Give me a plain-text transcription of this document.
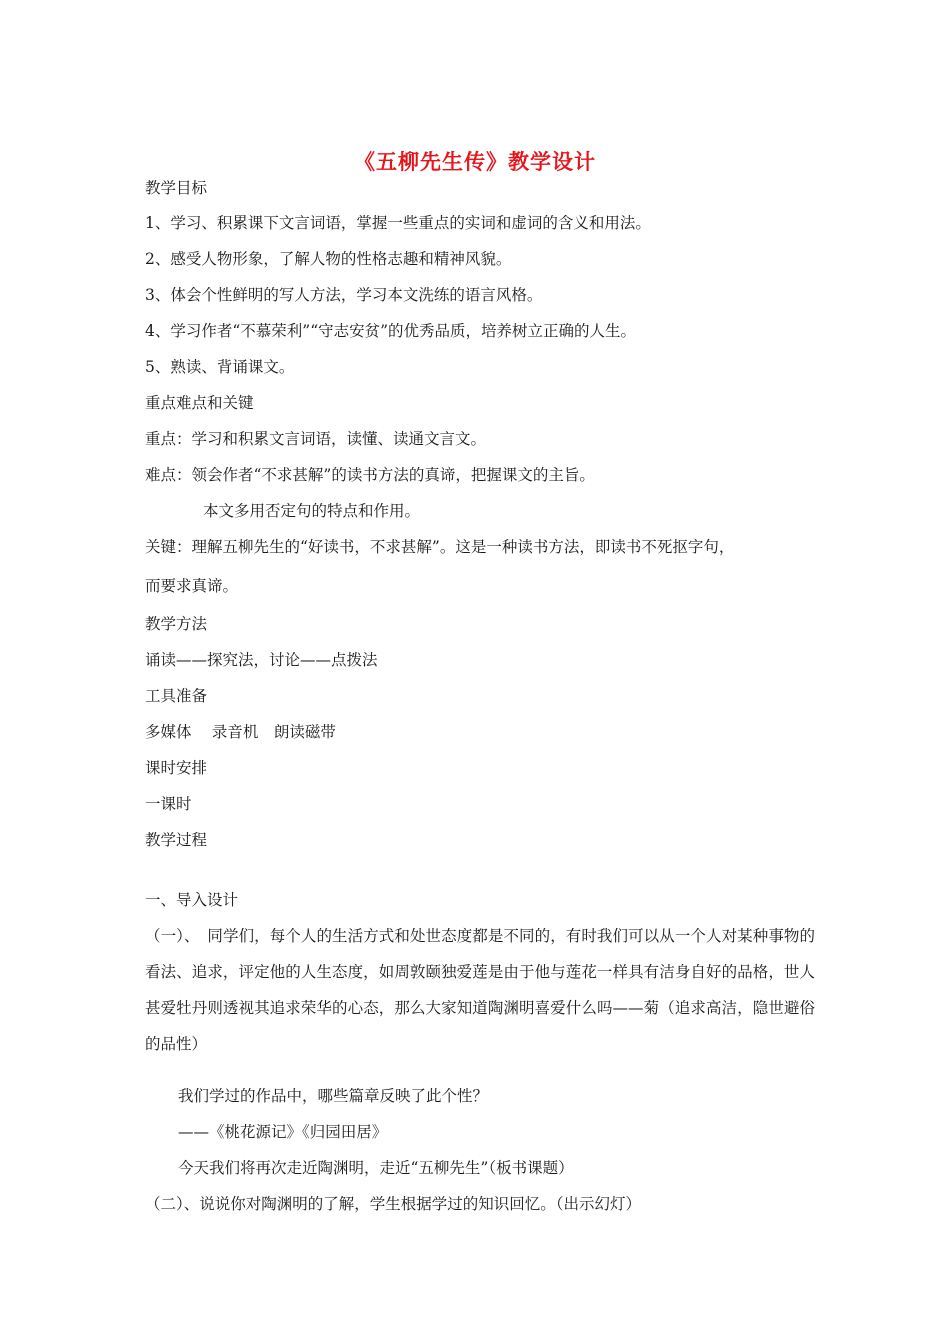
《五柳先生传》教学设计
教学目标
1、学习、积累课下文言词语，掌握一些重点的实词和虚词的含义和用法。
2、感受人物形象，了解人物的性格志趣和精神风貌。
3、体会个性鲜明的写人方法，学习本文洗练的语言风格。
4、学习作者“不慕荣利”“守志安贫”的优秀品质，培养树立正确的人生。
5、熟读、背诵课文。
重点难点和关键
重点：学习和积累文言词语，读懂、读通文言文。
难点：领会作者“不求甚解”的读书方法的真谛，把握课文的主旨。
本文多用否定句的特点和作用。
关键：理解五柳先生的“好读书，不求甚解”。这是一种读书方法，即读书不死抠字句，
而要求真谛。
教学方法
诵读——探究法，讨论——点拨法
工具准备
多媒体　 录音机　朗读磁带
课时安排
一课时
教学过程
一、导入设计
（一）、　同学们，每个人的生活方式和处世态度都是不同的，有时我们可以从一个人对某种事物的看法、追求，评定他的人生态度，如周敦颐独爱莲是由于他与莲花一样具有洁身自好的品格，世人甚爱牡丹则透视其追求荣华的心态，那么大家知道陶渊明喜爱什么吗——菊（追求高洁，隐世避俗的品性）
我们学过的作品中，哪些篇章反映了此个性？
——《桃花源记》《归园田居》
今天我们将再次走近陶渊明，走近“五柳先生”（板书课题）
（二）、说说你对陶渊明的了解，学生根据学过的知识回忆。（出示幻灯）
